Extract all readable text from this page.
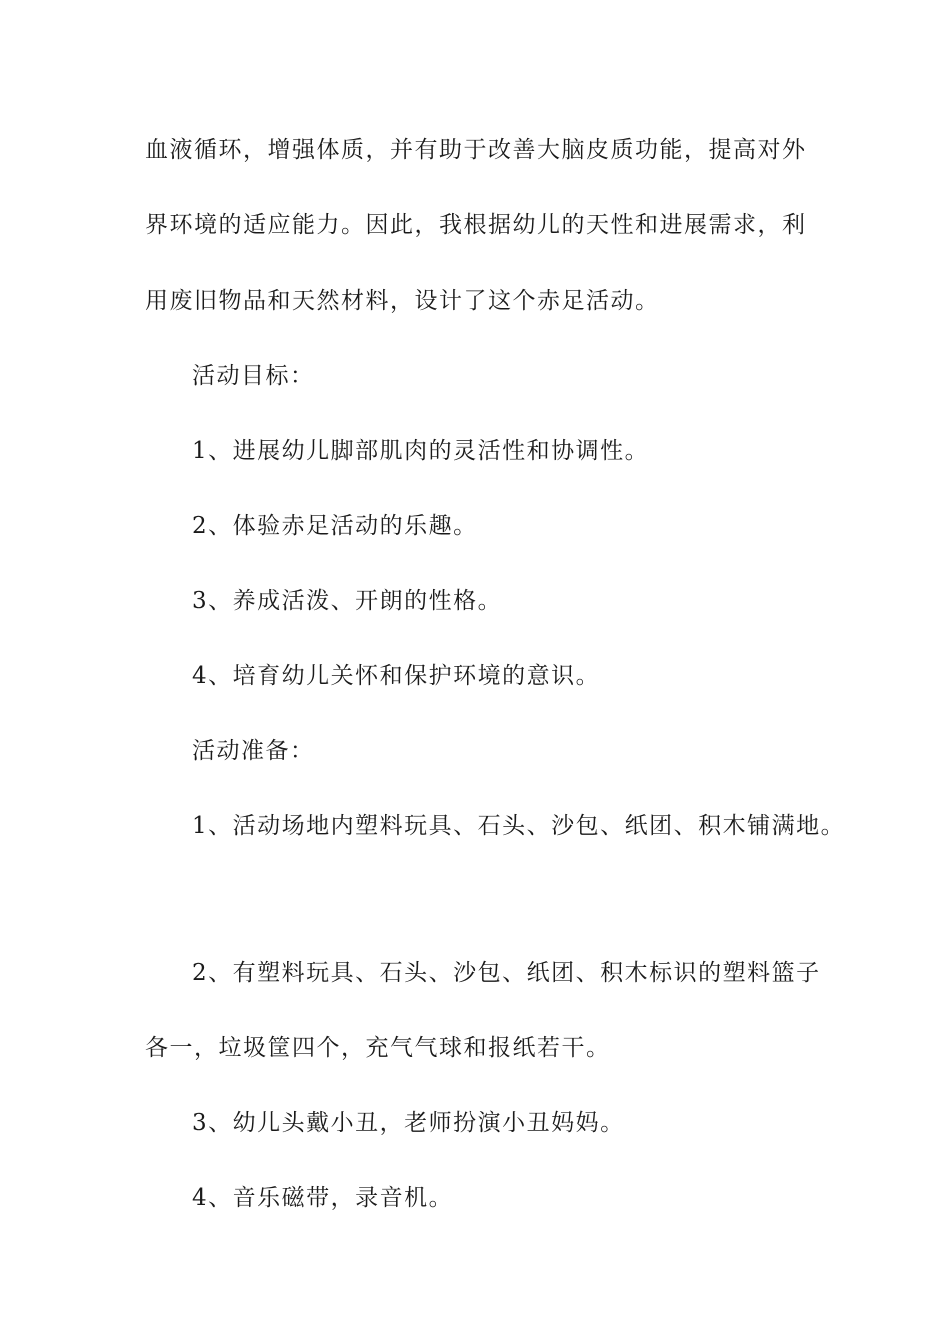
血液循环，增强体质，并有助于改善大脑皮质功能，提高对外
界环境的适应能力。因此，我根据幼儿的天性和进展需求，利
用废旧物品和天然材料，设计了这个赤足活动。
活动目标：
1、进展幼儿脚部肌肉的灵活性和协调性。
2、体验赤足活动的乐趣。
3、养成活泼、开朗的性格。
4、培育幼儿关怀和保护环境的意识。
活动准备：
1、活动场地内塑料玩具、石头、沙包、纸团、积木铺满地。
2、有塑料玩具、石头、沙包、纸团、积木标识的塑料篮子
各一，垃圾筐四个，充气气球和报纸若干。
3、幼儿头戴小丑，老师扮演小丑妈妈。
4、音乐磁带，录音机。
